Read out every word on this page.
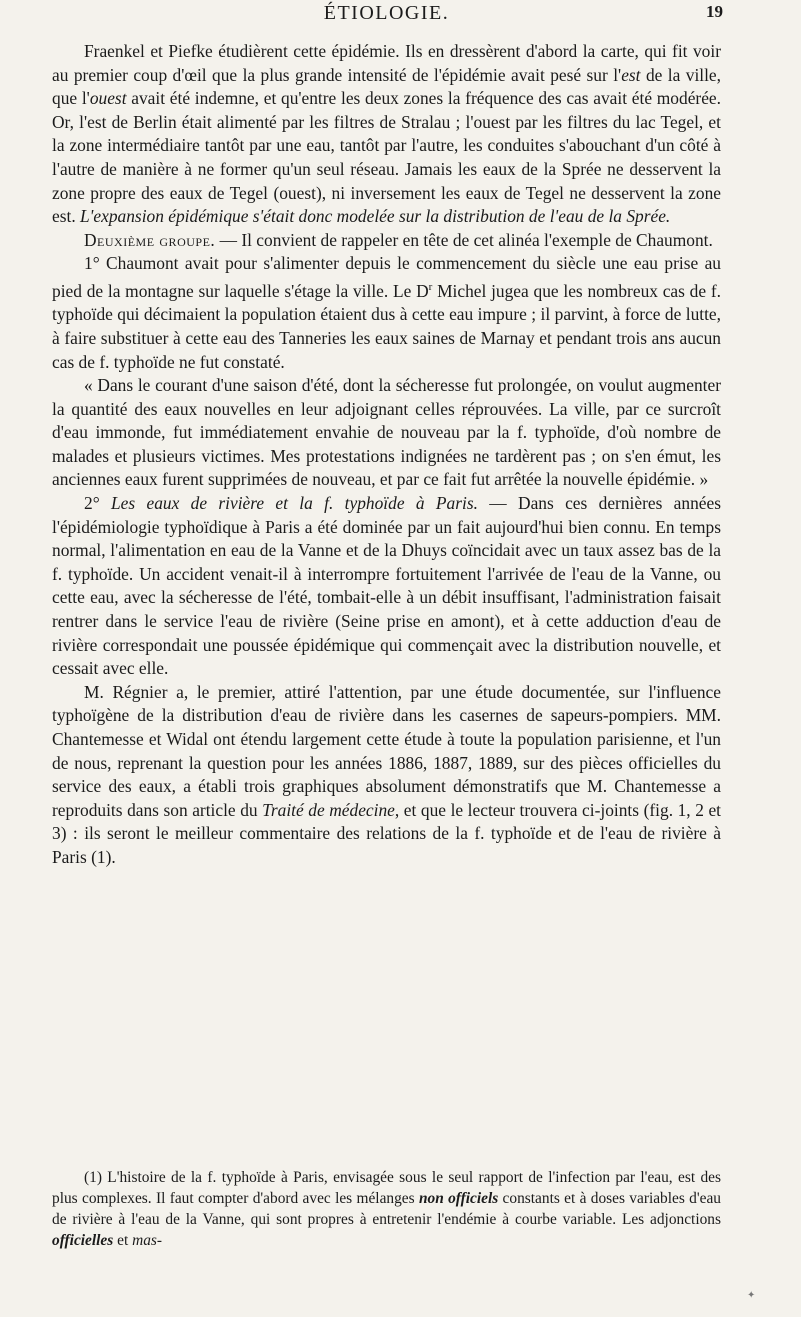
ÉTIOLOGIE.	19

Fraenkel et Piefke étudièrent cette épidémie. Ils en dressèrent d'abord la carte, qui fit voir au premier coup d'œil que la plus grande intensité de l'épidémie avait pesé sur l'est de la ville, que l'ouest avait été indemne, et qu'entre les deux zones la fréquence des cas avait été modérée. Or, l'est de Berlin était alimenté par les filtres de Stralau ; l'ouest par les filtres du lac Tegel, et la zone intermédiaire tantôt par une eau, tantôt par l'autre, les conduites s'abouchant d'un côté à l'autre de manière à ne former qu'un seul réseau. Jamais les eaux de la Sprée ne desservent la zone propre des eaux de Tegel (ouest), ni inversement les eaux de Tegel ne desservent la zone est. L'expansion épidémique s'était donc modelée sur la distribution de l'eau de la Sprée.

Deuxième groupe. — Il convient de rappeler en tête de cet alinéa l'exemple de Chaumont.

1° Chaumont avait pour s'alimenter depuis le commencement du siècle une eau prise au pied de la montagne sur laquelle s'étage la ville. Le $D^r$ Michel jugea que les nombreux cas de f. typhoïde qui décimaient la population étaient dus à cette eau impure ; il parvint, à force de lutte, à faire substituer à cette eau des Tanneries les eaux saines de Marnay et pendant trois ans aucun cas de f. typhoïde ne fut constaté.

« Dans le courant d'une saison d'été, dont la sécheresse fut prolongée, on voulut augmenter la quantité des eaux nouvelles en leur adjoignant celles réprouvées. La ville, par ce surcroît d'eau immonde, fut immédiatement envahie de nouveau par la f. typhoïde, d'où nombre de malades et plusieurs victimes. Mes protestations indignées ne tardèrent pas ; on s'en émut, les anciennes eaux furent supprimées de nouveau, et par ce fait fut arrêtée la nouvelle épidémie. »

2° Les eaux de rivière et la f. typhoïde à Paris. — Dans ces dernières années l'épidémiologie typhoïdique à Paris a été dominée par un fait aujourd'hui bien connu. En temps normal, l'alimentation en eau de la Vanne et de la Dhuys coïncidait avec un taux assez bas de la f. typhoïde. Un accident venait-il à interrompre fortuitement l'arrivée de l'eau de la Vanne, ou cette eau, avec la sécheresse de l'été, tombait-elle à un débit insuffisant, l'administration faisait rentrer dans le service l'eau de rivière (Seine prise en amont), et à cette adduction d'eau de rivière correspondait une poussée épidémique qui commençait avec la distribution nouvelle, et cessait avec elle.

M. Régnier a, le premier, attiré l'attention, par une étude documentée, sur l'influence typhoïgène de la distribution d'eau de rivière dans les casernes de sapeurs-pompiers. MM. Chantemesse et Widal ont étendu largement cette étude à toute la population parisienne, et l'un de nous, reprenant la question pour les années 1886, 1887, 1889, sur des pièces officielles du service des eaux, a établi trois graphiques absolument démonstratifs que M. Chantemesse a reproduits dans son article du Traité de médecine, et que le lecteur trouvera ci-joints (fig. 1, 2 et 3) : ils seront le meilleur commentaire des relations de la f. typhoïde et de l'eau de rivière à Paris (1).

(1) L'histoire de la f. typhoïde à Paris, envisagée sous le seul rapport de l'infection par l'eau, est des plus complexes. Il faut compter d'abord avec les mélanges non officiels constants et à doses variables d'eau de rivière à l'eau de la Vanne, qui sont propres à entretenir l'endémie à courbe variable. Les adjonctions officielles et mas-

✦
